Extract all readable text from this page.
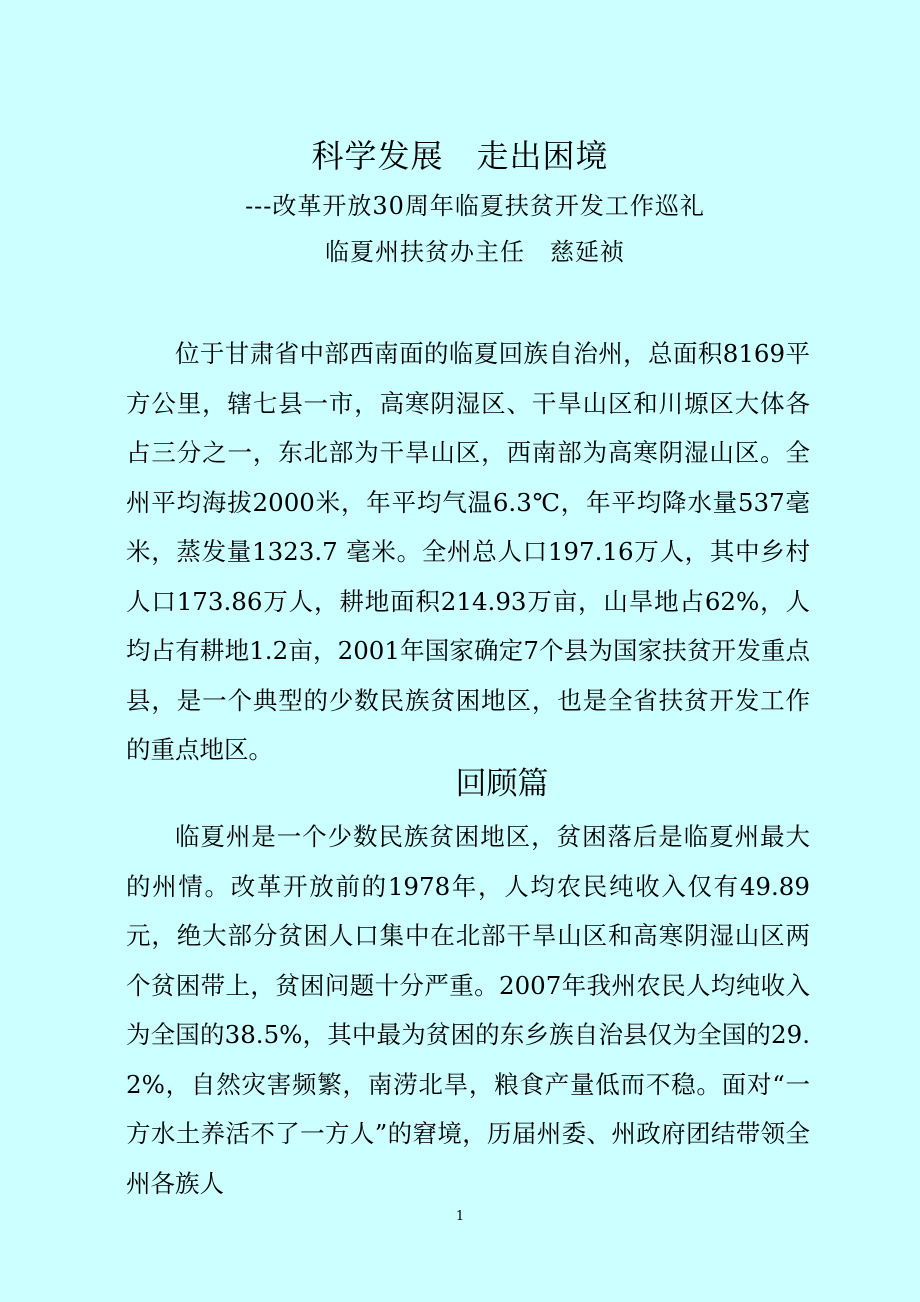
科学发展　走出困境
---改革开放30周年临夏扶贫开发工作巡礼
临夏州扶贫办主任　慈延祯

位于甘肃省中部西南面的临夏回族自治州，总面积8169平方公里，辖七县一市，高寒阴湿区、干旱山区和川塬区大体各占三分之一，东北部为干旱山区，西南部为高寒阴湿山区。全州平均海拔2000米，年平均气温6.3℃，年平均降水量537毫米，蒸发量1323.7 毫米。全州总人口197.16万人，其中乡村人口173.86万人，耕地面积214.93万亩，山旱地占62%，人均占有耕地1.2亩，2001年国家确定7个县为国家扶贫开发重点县，是一个典型的少数民族贫困地区，也是全省扶贫开发工作的重点地区。

回顾篇

临夏州是一个少数民族贫困地区，贫困落后是临夏州最大的州情。改革开放前的1978年，人均农民纯收入仅有49.89元，绝大部分贫困人口集中在北部干旱山区和高寒阴湿山区两个贫困带上，贫困问题十分严重。2007年我州农民人均纯收入为全国的38.5%，其中最为贫困的东乡族自治县仅为全国的29.2%，自然灾害频繁，南涝北旱，粮食产量低而不稳。面对“一方水土养活不了一方人”的窘境，历届州委、州政府团结带领全州各族人

1
